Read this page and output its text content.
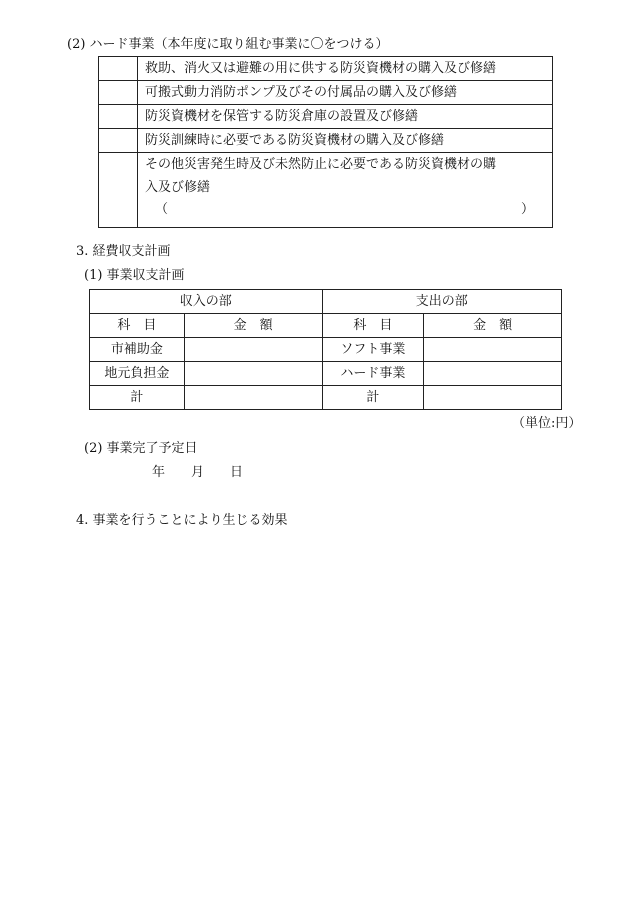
(2) ハード事業（本年度に取り組む事業に〇をつける）
	救助、消火又は避難の用に供する防災資機材の購入及び修繕
	可搬式動力消防ポンプ及びその付属品の購入及び修繕
	防災資機材を保管する防災倉庫の設置及び修繕
	防災訓練時に必要である防災資機材の購入及び修繕

	その他災害発生時及び未然防止に必要である防災資機材の購
入及び修繕
（ ）
3. 経費収支計画
(1) 事業収支計画
収入の部		支出の部	
科　目	金　額	科　目	金　額
市補助金		ソフト事業	
地元負担金		ハード事業	
計		計	
（単位:円）
(2) 事業完了予定日
年　　月　　日
4. 事業を行うことにより生じる効果
